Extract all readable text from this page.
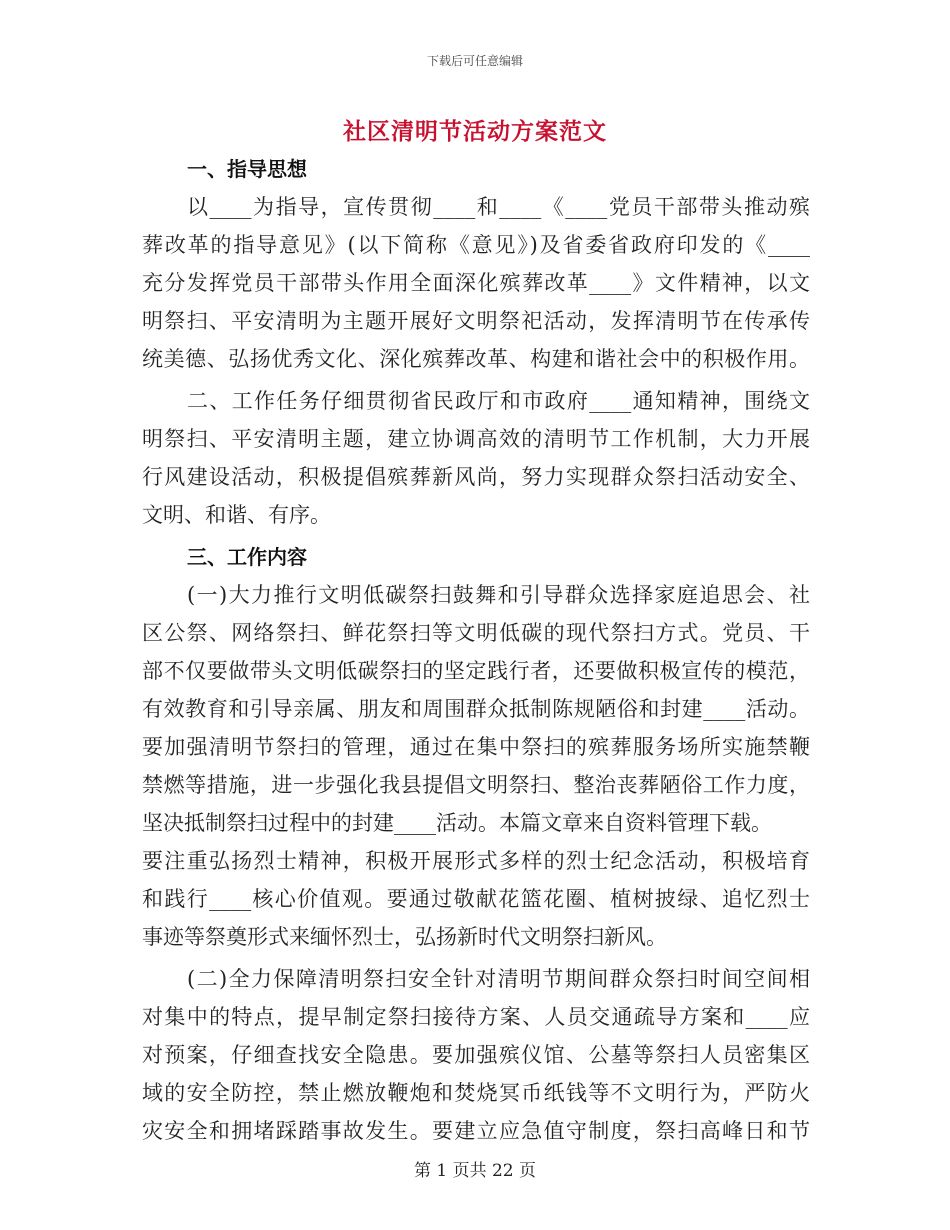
下载后可任意编辑
社区清明节活动方案范文
一、指导思想
以____为指导，宣传贯彻____和____《____党员干部带头推动殡
葬改革的指导意见》(以下简称《意见》)及省委省政府印发的《____
充分发挥党员干部带头作用全面深化殡葬改革____》文件精神，以文
明祭扫、平安清明为主题开展好文明祭祀活动，发挥清明节在传承传
统美德、弘扬优秀文化、深化殡葬改革、构建和谐社会中的积极作用。
二、工作任务仔细贯彻省民政厅和市政府____通知精神，围绕文
明祭扫、平安清明主题，建立协调高效的清明节工作机制，大力开展
行风建设活动，积极提倡殡葬新风尚，努力实现群众祭扫活动安全、
文明、和谐、有序。
三、工作内容
(一)大力推行文明低碳祭扫鼓舞和引导群众选择家庭追思会、社
区公祭、网络祭扫、鲜花祭扫等文明低碳的现代祭扫方式。党员、干
部不仅要做带头文明低碳祭扫的坚定践行者，还要做积极宣传的模范，
有效教育和引导亲属、朋友和周围群众抵制陈规陋俗和封建____活动。
要加强清明节祭扫的管理，通过在集中祭扫的殡葬服务场所实施禁鞭
禁燃等措施，进一步强化我县提倡文明祭扫、整治丧葬陋俗工作力度，
坚决抵制祭扫过程中的封建____活动。本篇文章来自资料管理下载。
要注重弘扬烈士精神，积极开展形式多样的烈士纪念活动，积极培育
和践行____核心价值观。要通过敬献花篮花圈、植树披绿、追忆烈士
事迹等祭奠形式来缅怀烈士，弘扬新时代文明祭扫新风。
(二)全力保障清明祭扫安全针对清明节期间群众祭扫时间空间相
对集中的特点，提早制定祭扫接待方案、人员交通疏导方案和____应
对预案，仔细查找安全隐患。要加强殡仪馆、公墓等祭扫人员密集区
域的安全防控，禁止燃放鞭炮和焚烧冥币纸钱等不文明行为，严防火
灾安全和拥堵踩踏事故发生。要建立应急值守制度，祭扫高峰日和节
第 1 页共 22 页
